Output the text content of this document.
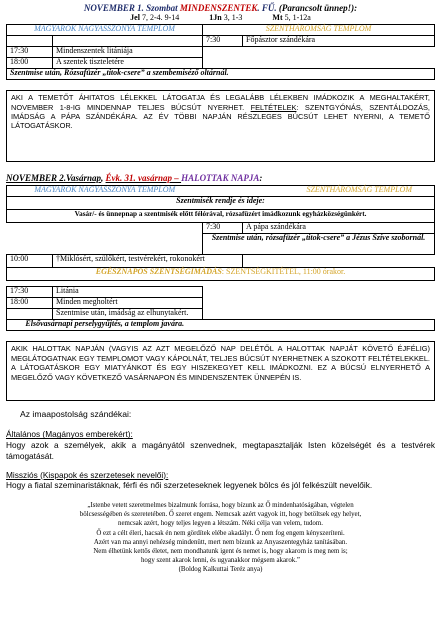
NOVEMBER 1. Szombat MINDENSZENTEK. FŰ. (Parancsolt ünnep!):
Jel 7, 2-4. 9-14	1Jn 3, 1-3	Mt 5, 1-12a
MAGYAROK NAGYASSZONYA TEMPLOM		SZENTHÁROMSÁG TEMPLOM	
		7:30	Főpásztor szándékára
17:30	Mindenszentek litániája		
18:00	A szentek tiszteletére		
Szentmise után, Rózsafüzér „titok-csere” a szembemiséző oltárnál.			
AKI A TEMETŐT ÁHITATOS LÉLEKKEL LÁTOGATJA ÉS LEGALÁBB LÉLEKBEN IMÁDKOZIK A MEGHALTAKÉRT, NOVEMBER 1-8-IG MINDENNAP TELJES BÚCSÚT NYERHET. FELTÉTELEK: SZENTGYÓNÁS, SZENTÁLDOZÁS, IMÁDSÁG A PÁPA SZÁNDÉKÁRA. AZ ÉV TÖBBI NAPJÁN RÉSZLEGES BÚCSÚT LEHET NYERNI, A TEMETŐ LÁTOGATÁSKOR.
NOVEMBER 2.Vasárnap, Évk. 31. vasárnap – HALOTTAK NAPJA:
MAGYAROK NAGYASSZONYA TEMPLOM		SZENTHÁROMSÁG TEMPLOM	
Szentmisék rendje és ideje:			
Vasár/- és ünnepnap a szentmisék előtt félórával, rózsafüzért imádkozunk egyházközségünkért.			
		7:30	A pápa szándékára
		Szentmise után, rózsafüzér „titok-csere” a Jézus Szíve szobornál.	
10:00	†Miklósért, szülőkért, testvérekért, rokonokért		
EGÉSZNAPOS SZENTSÉGIMÁDÁS: SZENTSÉGKITÉTEL, 11:00 órakor.			

17:30	Litánia		
18:00	Minden megholtért		
	Szentmise után, imádság az elhunytakért.		
Elsővasárnapi perselygyűjtés, a templom javára.			
AKIK HALOTTAK NAPJÁN (VAGYIS AZ AZT MEGELŐZŐ NAP DELÉTŐL A HALOTTAK NAPJÁT KÖVETŐ ÉJFÉLIG) MEGLÁTOGATNAK EGY TEMPLOMOT VAGY KÁPOLNÁT, TELJES BÚCSÚT NYERHETNEK A SZOKOTT FELTÉTELEKKEL. A LÁTOGATÁSKOR EGY MIATYÁNKOT ÉS EGY HISZEKEGYET KELL IMÁDKOZNI. EZ A BÚCSÚ ELNYERHETŐ A MEGELŐZŐ VAGY KÖVETKEZŐ VASÁRNAPON ÉS MINDENSZENTEK ÜNNEPÉN IS.
Az imaapostolság szándékai:
Általános (Magányos emberekért):
Hogy azok a személyek, akik a magányától szenvednek, megtapasztalják Isten közelségét és a testvérek támogatását.
Missziós (Kispapok és szerzetesek nevelői):
Hogy a fiatal szeminaristáknak, férfi és női szerzeteseknek legyenek bölcs és jól felkészült nevelőik.
„Istenbe vetett szeretmelmes bizalmunk forrása, hogy bízunk az Ő mindenhatóságában, végtelen
bölcsességében és szeretetében. Ő szeret engem. Nemcsak azért vagyok itt, hogy betöltsek egy helyet,
nemcsak azért, hogy teljes legyen a létszám. Néki célja van velem, tudom.
Ő ezt a célt éleri, hacsak én nem gördítek elébe akadályt. Ő nem fog engem kényszeríteni.
Azért van ma annyi nehézség mindenütt, mert nem bízunk az Anyaszentegyház tanításában.
Nem élhetünk kettős életet, nem mondhatunk igent és nemet is, hogy akarom is meg nem is;
hogy szent akarok lenni, és ugyanakkor mégsem akarok.”
(Boldog Kalkuttai Teréz anya)
